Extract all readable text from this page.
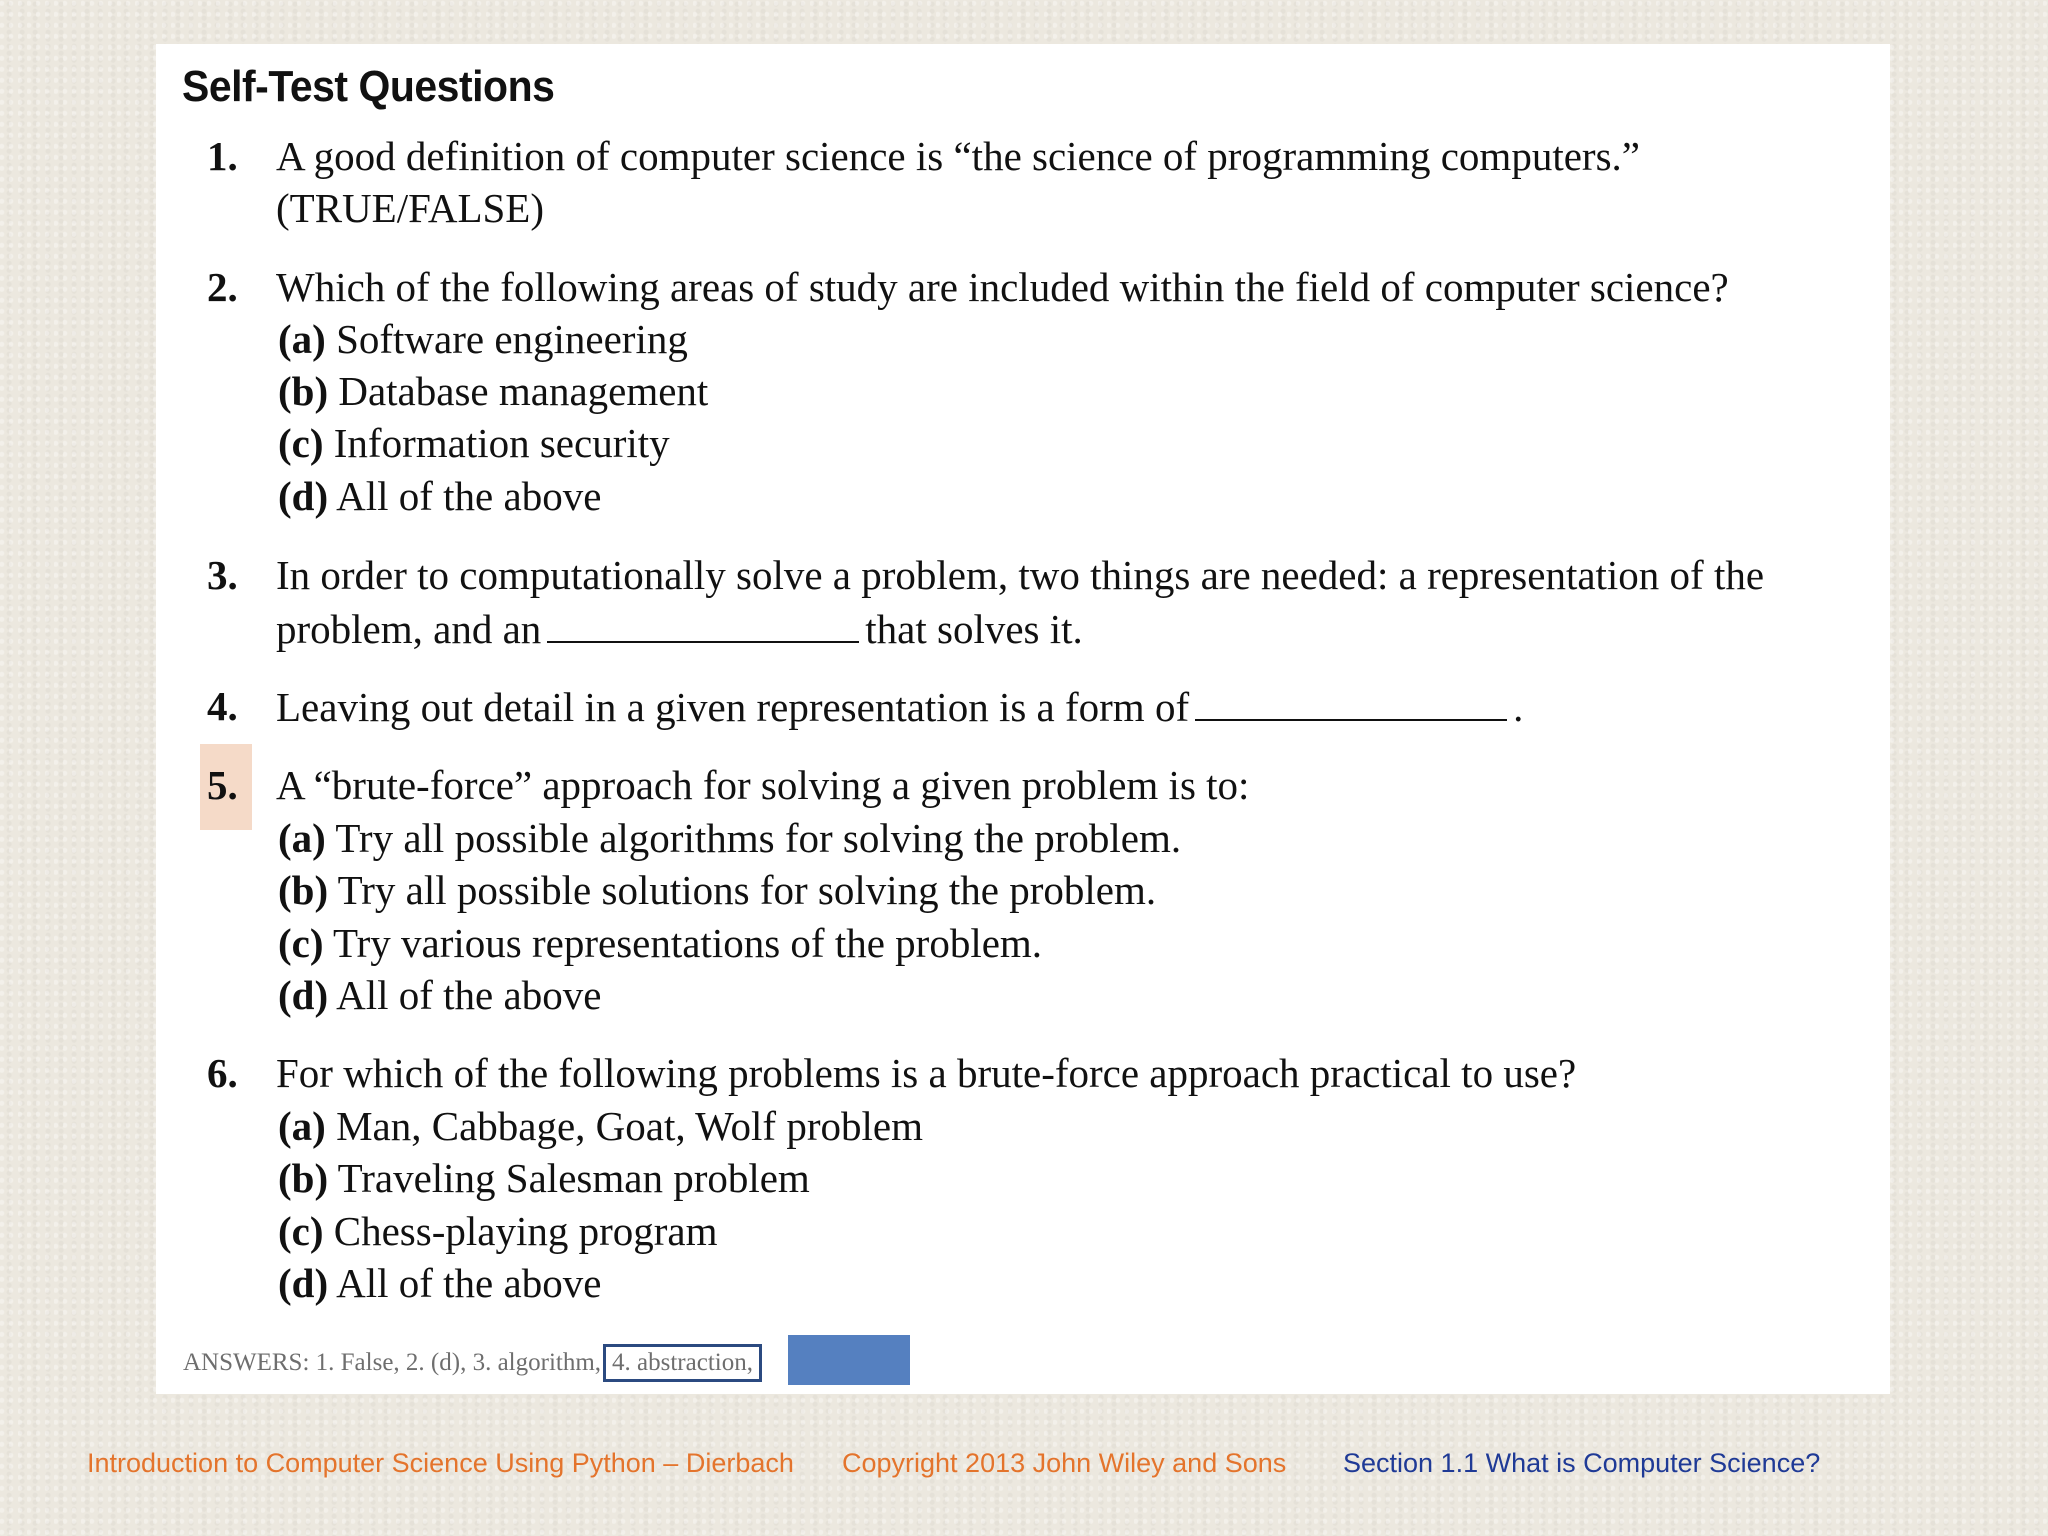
Self-Test Questions
1. A good definition of computer science is “the science of programming computers.”
(TRUE/FALSE)
2. Which of the following areas of study are included within the field of computer science?
(a) Software engineering
(b) Database management
(c) Information security
(d) All of the above
3. In order to computationally solve a problem, two things are needed: a representation of the
problem, and an	that solves it.
4. Leaving out detail in a given representation is a form of	.
5. A “brute-force” approach for solving a given problem is to:
(a) Try all possible algorithms for solving the problem.
(b) Try all possible solutions for solving the problem.
(c) Try various representations of the problem.
(d) All of the above
6. For which of the following problems is a brute-force approach practical to use?
(a) Man, Cabbage, Goat, Wolf problem
(b) Traveling Salesman problem
(c) Chess-playing program
(d) All of the above
ANSWERS: 1. False, 2. (d), 3. algorithm, 4. abstraction,
Introduction to Computer Science Using Python – Dierbach Copyright 2013 John Wiley and Sons Section 1.1 What is Computer Science?
